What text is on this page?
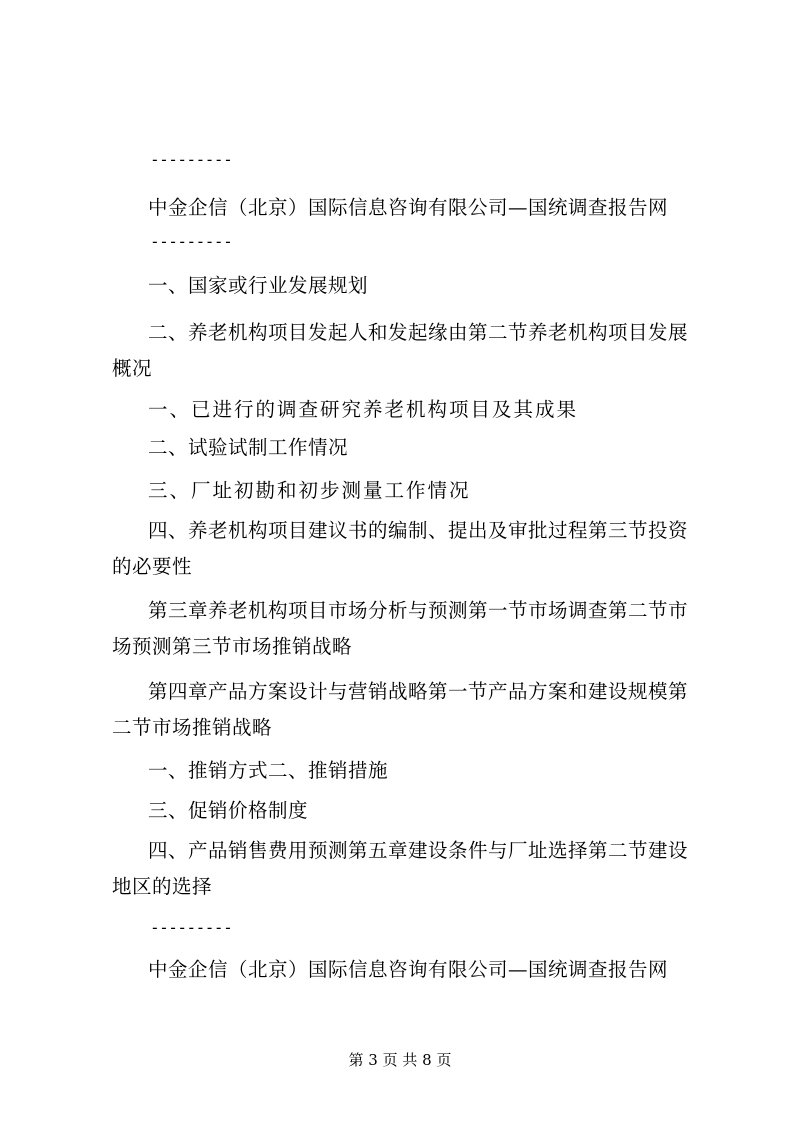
---------

中金企信（北京）国际信息咨询有限公司—国统调查报告网

---------

一、国家或行业发展规划

二、养老机构项目发起人和发起缘由第二节养老机构项目发展概况

一、已进行的调查研究养老机构项目及其成果

二、试验试制工作情况

三、厂址初勘和初步测量工作情况

四、养老机构项目建议书的编制、提出及审批过程第三节投资的必要性

第三章养老机构项目市场分析与预测第一节市场调查第二节市场预测第三节市场推销战略

第四章产品方案设计与营销战略第一节产品方案和建设规模第二节市场推销战略

一、推销方式二、推销措施

三、促销价格制度

四、产品销售费用预测第五章建设条件与厂址选择第二节建设地区的选择

---------

中金企信（北京）国际信息咨询有限公司—国统调查报告网

第 3 页 共 8 页
